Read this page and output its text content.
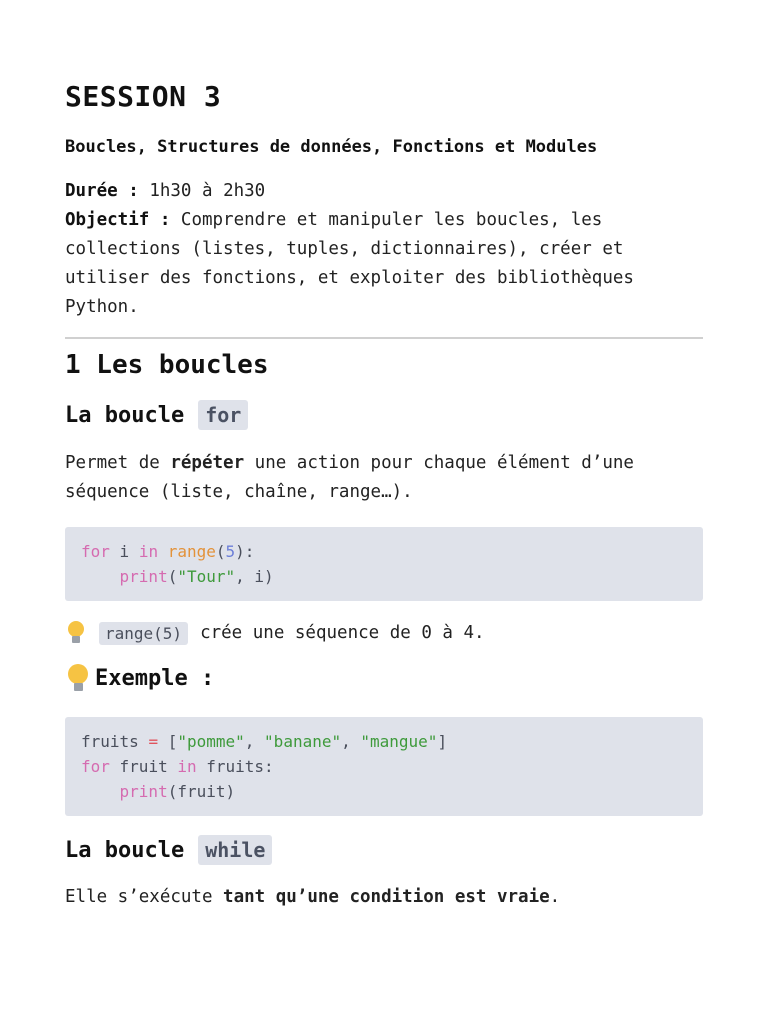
SESSION 3

Boucles, Structures de données, Fonctions et Modules

Durée : 1h30 à 2h30
Objectif : Comprendre et manipuler les boucles, les collections (listes, tuples, dictionnaires), créer et utiliser des fonctions, et exploiter des bibliothèques Python.

1 Les boucles
La boucle	for

Permet de répéter une action pour chaque élément d’une séquence (liste, chaîne, range…).

for i in range(5):
print("Tour", i)

range(5)	crée une séquence de 0 à 4.

Exemple :
fruits = ["pomme", "banane", "mangue"]
for fruit in fruits:
print(fruit)
La boucle	while

Elle s’exécute tant qu’une condition est vraie.
